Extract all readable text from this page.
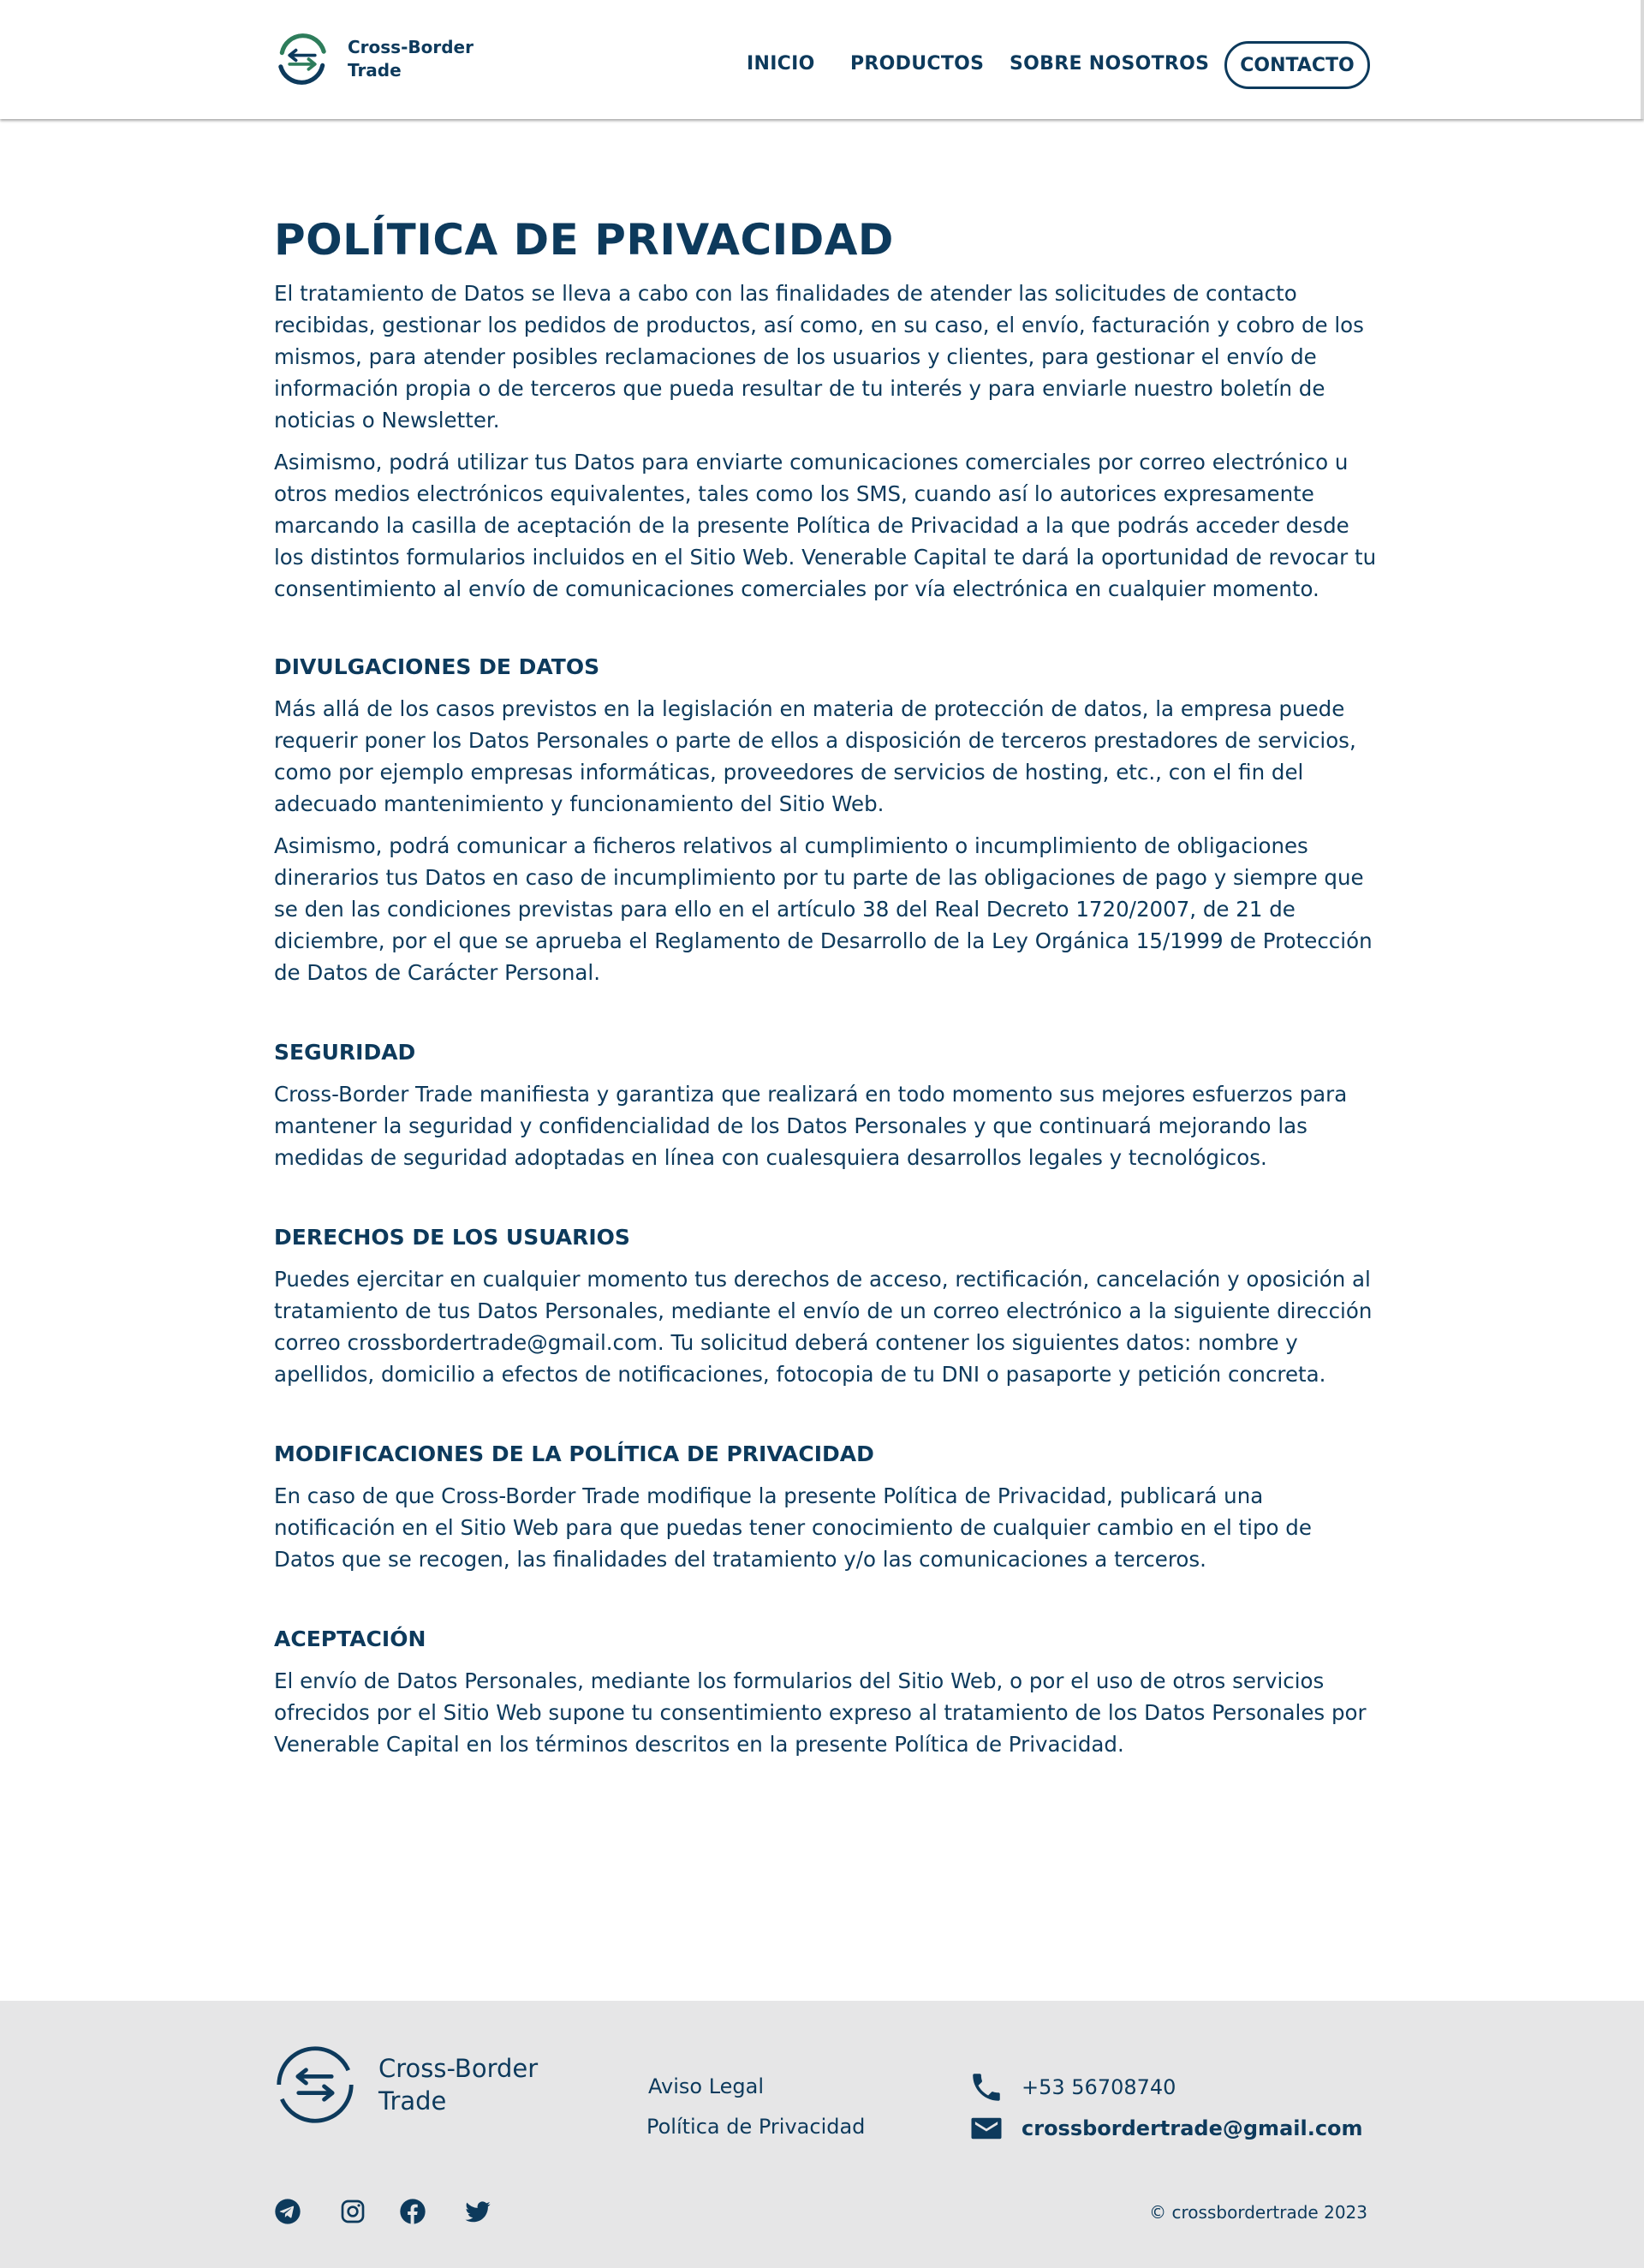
Cross-Border Trade	INICIO PRODUCTOS SOBRE NOSOTROS	CONTACTO
POLÍTICA DE PRIVACIDAD

El tratamiento de Datos se lleva a cabo con las finalidades de atender las solicitudes de contacto recibidas, gestionar los pedidos de productos, así como, en su caso, el envío, facturación y cobro de los mismos, para atender posibles reclamaciones de los usuarios y clientes, para gestionar el envío de información propia o de terceros que pueda resultar de tu interés y para enviarle nuestro boletín de noticias o Newsletter.

Asimismo, podrá utilizar tus Datos para enviarte comunicaciones comerciales por correo electrónico u otros medios electrónicos equivalentes, tales como los SMS, cuando así lo autorices expresamente marcando la casilla de aceptación de la presente Política de Privacidad a la que podrás acceder desde los distintos formularios incluidos en el Sitio Web. Venerable Capital te dará la oportunidad de revocar tu consentimiento al envío de comunicaciones comerciales por vía electrónica en cualquier momento.

DIVULGACIONES DE DATOS

Más allá de los casos previstos en la legislación en materia de protección de datos, la empresa puede requerir poner los Datos Personales o parte de ellos a disposición de terceros prestadores de servicios, como por ejemplo empresas informáticas, proveedores de servicios de hosting, etc., con el fin del adecuado mantenimiento y funcionamiento del Sitio Web.

Asimismo, podrá comunicar a ficheros relativos al cumplimiento o incumplimiento de obligaciones dinerarios tus Datos en caso de incumplimiento por tu parte de las obligaciones de pago y siempre que se den las condiciones previstas para ello en el artículo 38 del Real Decreto 1720/2007, de 21 de diciembre, por el que se aprueba el Reglamento de Desarrollo de la Ley Orgánica 15/1999 de Protección de Datos de Carácter Personal.

SEGURIDAD

Cross-Border Trade manifiesta y garantiza que realizará en todo momento sus mejores esfuerzos para mantener la seguridad y confidencialidad de los Datos Personales y que continuará mejorando las medidas de seguridad adoptadas en línea con cualesquiera desarrollos legales y tecnológicos.

DERECHOS DE LOS USUARIOS

Puedes ejercitar en cualquier momento tus derechos de acceso, rectificación, cancelación y oposición al tratamiento de tus Datos Personales, mediante el envío de un correo electrónico a la siguiente dirección correo crossbordertrade@gmail.com. Tu solicitud deberá contener los siguientes datos: nombre y apellidos, domicilio a efectos de notificaciones, fotocopia de tu DNI o pasaporte y petición concreta.

MODIFICACIONES DE LA POLÍTICA DE PRIVACIDAD

En caso de que Cross-Border Trade modifique la presente Política de Privacidad, publicará una notificación en el Sitio Web para que puedas tener conocimiento de cualquier cambio en el tipo de Datos que se recogen, las finalidades del tratamiento y/o las comunicaciones a terceros.

ACEPTACIÓN

El envío de Datos Personales, mediante los formularios del Sitio Web, o por el uso de otros servicios ofrecidos por el Sitio Web supone tu consentimiento expreso al tratamiento de los Datos Personales por Venerable Capital en los términos descritos en la presente Política de Privacidad.

Cross-Border Trade	Aviso Legal
Política de Privacidad
+53 56708740
crossbordertrade@gmail.com
© crossbordertrade 2023
